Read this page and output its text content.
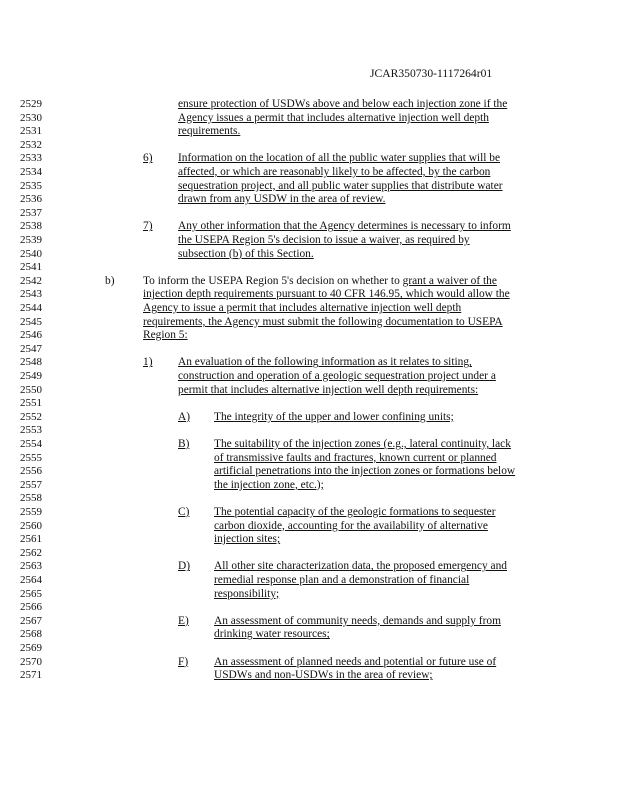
JCAR350730-1117264r01
2529	ensure protection of USDWs above and below each injection zone if the
2530	Agency issues a permit that includes alternative injection well depth
2531	requirements.
2532
2533	6) Information on the location of all the public water supplies that will be
2534	affected, or which are reasonably likely to be affected, by the carbon
2535	sequestration project, and all public water supplies that distribute water
2536	drawn from any USDW in the area of review.
2537
2538	7) Any other information that the Agency determines is necessary to inform
2539	the USEPA Region 5's decision to issue a waiver, as required by
2540	subsection (b) of this Section.
2541
2542	b)	To inform the USEPA Region 5's decision on whether to grant a waiver of the
2543	injection depth requirements pursuant to 40 CFR 146.95, which would allow the
2544	Agency to issue a permit that includes alternative injection well depth
2545	requirements, the Agency must submit the following documentation to USEPA
2546	Region 5:
2547
2548	1) An evaluation of the following information as it relates to siting,
2549	construction and operation of a geologic sequestration project under a
2550	permit that includes alternative injection well depth requirements:
2551
2552	A) The integrity of the upper and lower confining units;
2553
2554	B) The suitability of the injection zones (e.g., lateral continuity, lack
2555	of transmissive faults and fractures, known current or planned
2556	artificial penetrations into the injection zones or formations below
2557	the injection zone, etc.);
2558
2559	C) The potential capacity of the geologic formations to sequester
2560	carbon dioxide, accounting for the availability of alternative
2561	injection sites;
2562
2563	D) All other site characterization data, the proposed emergency and
2564	remedial response plan and a demonstration of financial
2565	responsibility;
2566
2567	E) An assessment of community needs, demands and supply from
2568	drinking water resources;
2569
2570	F) An assessment of planned needs and potential or future use of
2571	USDWs and non-USDWs in the area of review;
